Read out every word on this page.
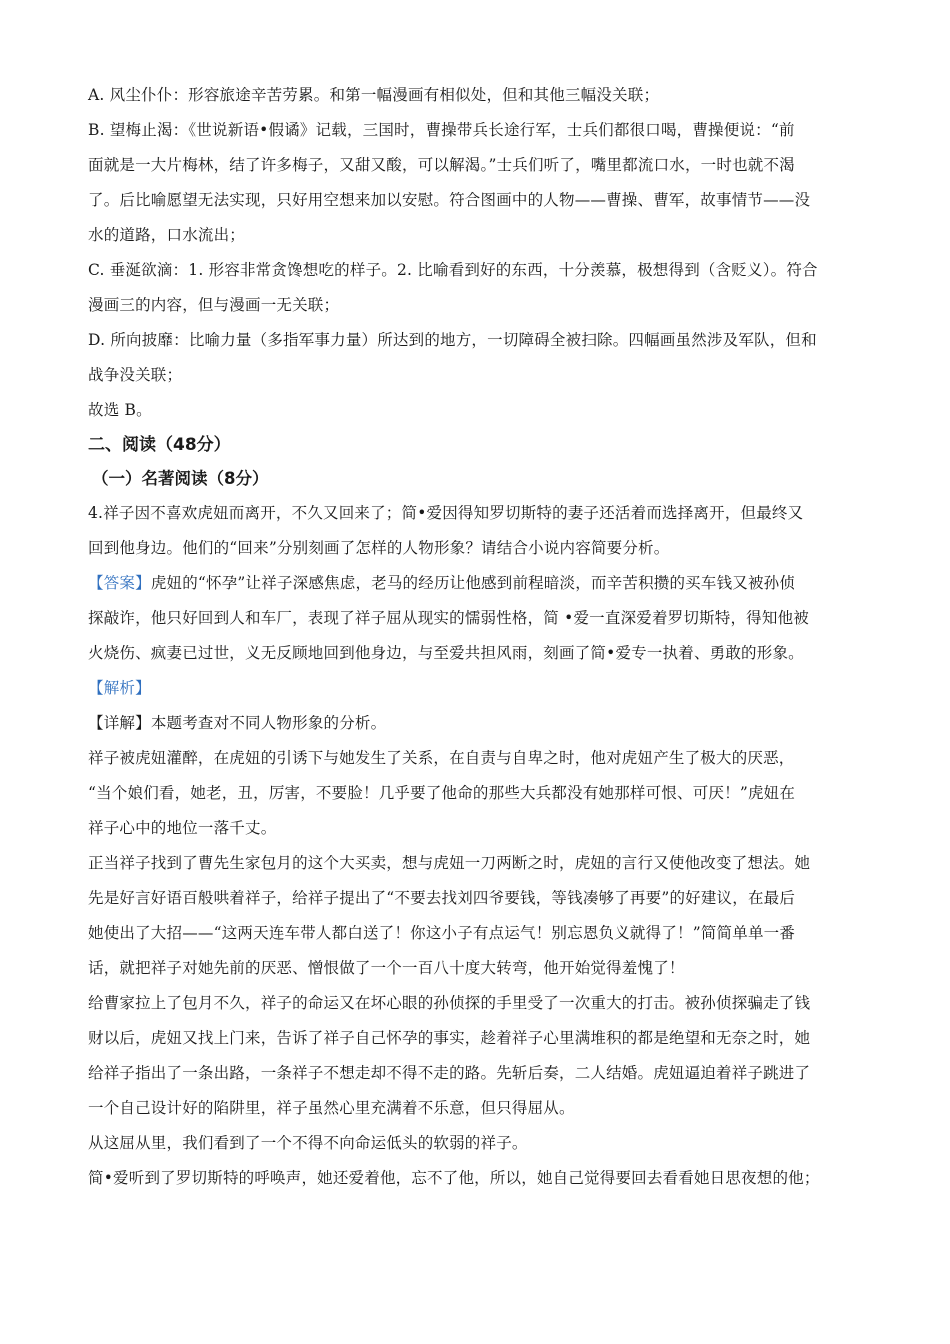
A. 风尘仆仆：形容旅途辛苦劳累。和第一幅漫画有相似处，但和其他三幅没关联；

B. 望梅止渴：《世说新语•假谲》记载，三国时，曹操带兵长途行军，士兵们都很口喝，曹操便说：“前

面就是一大片梅林，结了许多梅子，又甜又酸，可以解渴。”士兵们听了，嘴里都流口水，一时也就不渴

了。后比喻愿望无法实现，只好用空想来加以安慰。符合图画中的人物——曹操、曹军，故事情节——没

水的道路，口水流出；

C. 垂涎欲滴：1. 形容非常贪馋想吃的样子。2. 比喻看到好的东西，十分羡慕，极想得到（含贬义）。符合

漫画三的内容，但与漫画一无关联；

D. 所向披靡：比喻力量（多指军事力量）所达到的地方，一切障碍全被扫除。四幅画虽然涉及军队，但和

战争没关联；

故选 B。

二、阅读（48分）

（一）名著阅读（8分）

4.祥子因不喜欢虎妞而离开，不久又回来了；简•爱因得知罗切斯特的妻子还活着而选择离开，但最终又

回到他身边。他们的“回来”分别刻画了怎样的人物形象？请结合小说内容简要分析。

【答案】虎妞的“怀孕”让祥子深感焦虑，老马的经历让他感到前程暗淡，而辛苦积攒的买车钱又被孙侦

探敲诈，他只好回到人和车厂，表现了祥子屈从现实的懦弱性格，简 •爱一直深爱着罗切斯特，得知他被

火烧伤、疯妻已过世，义无反顾地回到他身边，与至爱共担风雨，刻画了简•爱专一执着、勇敢的形象。

【解析】

【详解】本题考查对不同人物形象的分析。

祥子被虎妞灌醉，在虎妞的引诱下与她发生了关系，在自责与自卑之时，他对虎妞产生了极大的厌恶，

“当个娘们看，她老，丑，厉害，不要脸！几乎要了他命的那些大兵都没有她那样可恨、可厌！”虎妞在

祥子心中的地位一落千丈。

正当祥子找到了曹先生家包月的这个大买卖，想与虎妞一刀两断之时，虎妞的言行又使他改变了想法。她

先是好言好语百般哄着祥子，给祥子提出了“不要去找刘四爷要钱，等钱凑够了再要”的好建议，在最后

她使出了大招——“这两天连车带人都白送了！你这小子有点运气！别忘恩负义就得了！”简简单单一番

话，就把祥子对她先前的厌恶、憎恨做了一个一百八十度大转弯，他开始觉得羞愧了！

给曹家拉上了包月不久，祥子的命运又在坏心眼的孙侦探的手里受了一次重大的打击。被孙侦探骗走了钱

财以后，虎妞又找上门来，告诉了祥子自己怀孕的事实，趁着祥子心里满堆积的都是绝望和无奈之时，她

给祥子指出了一条出路，一条祥子不想走却不得不走的路。先斩后奏，二人结婚。虎妞逼迫着祥子跳进了

一个自己设计好的陷阱里，祥子虽然心里充满着不乐意，但只得屈从。

从这屈从里，我们看到了一个不得不向命运低头的软弱的祥子。

简•爱听到了罗切斯特的呼唤声，她还爱着他，忘不了他，所以，她自己觉得要回去看看她日思夜想的他；
